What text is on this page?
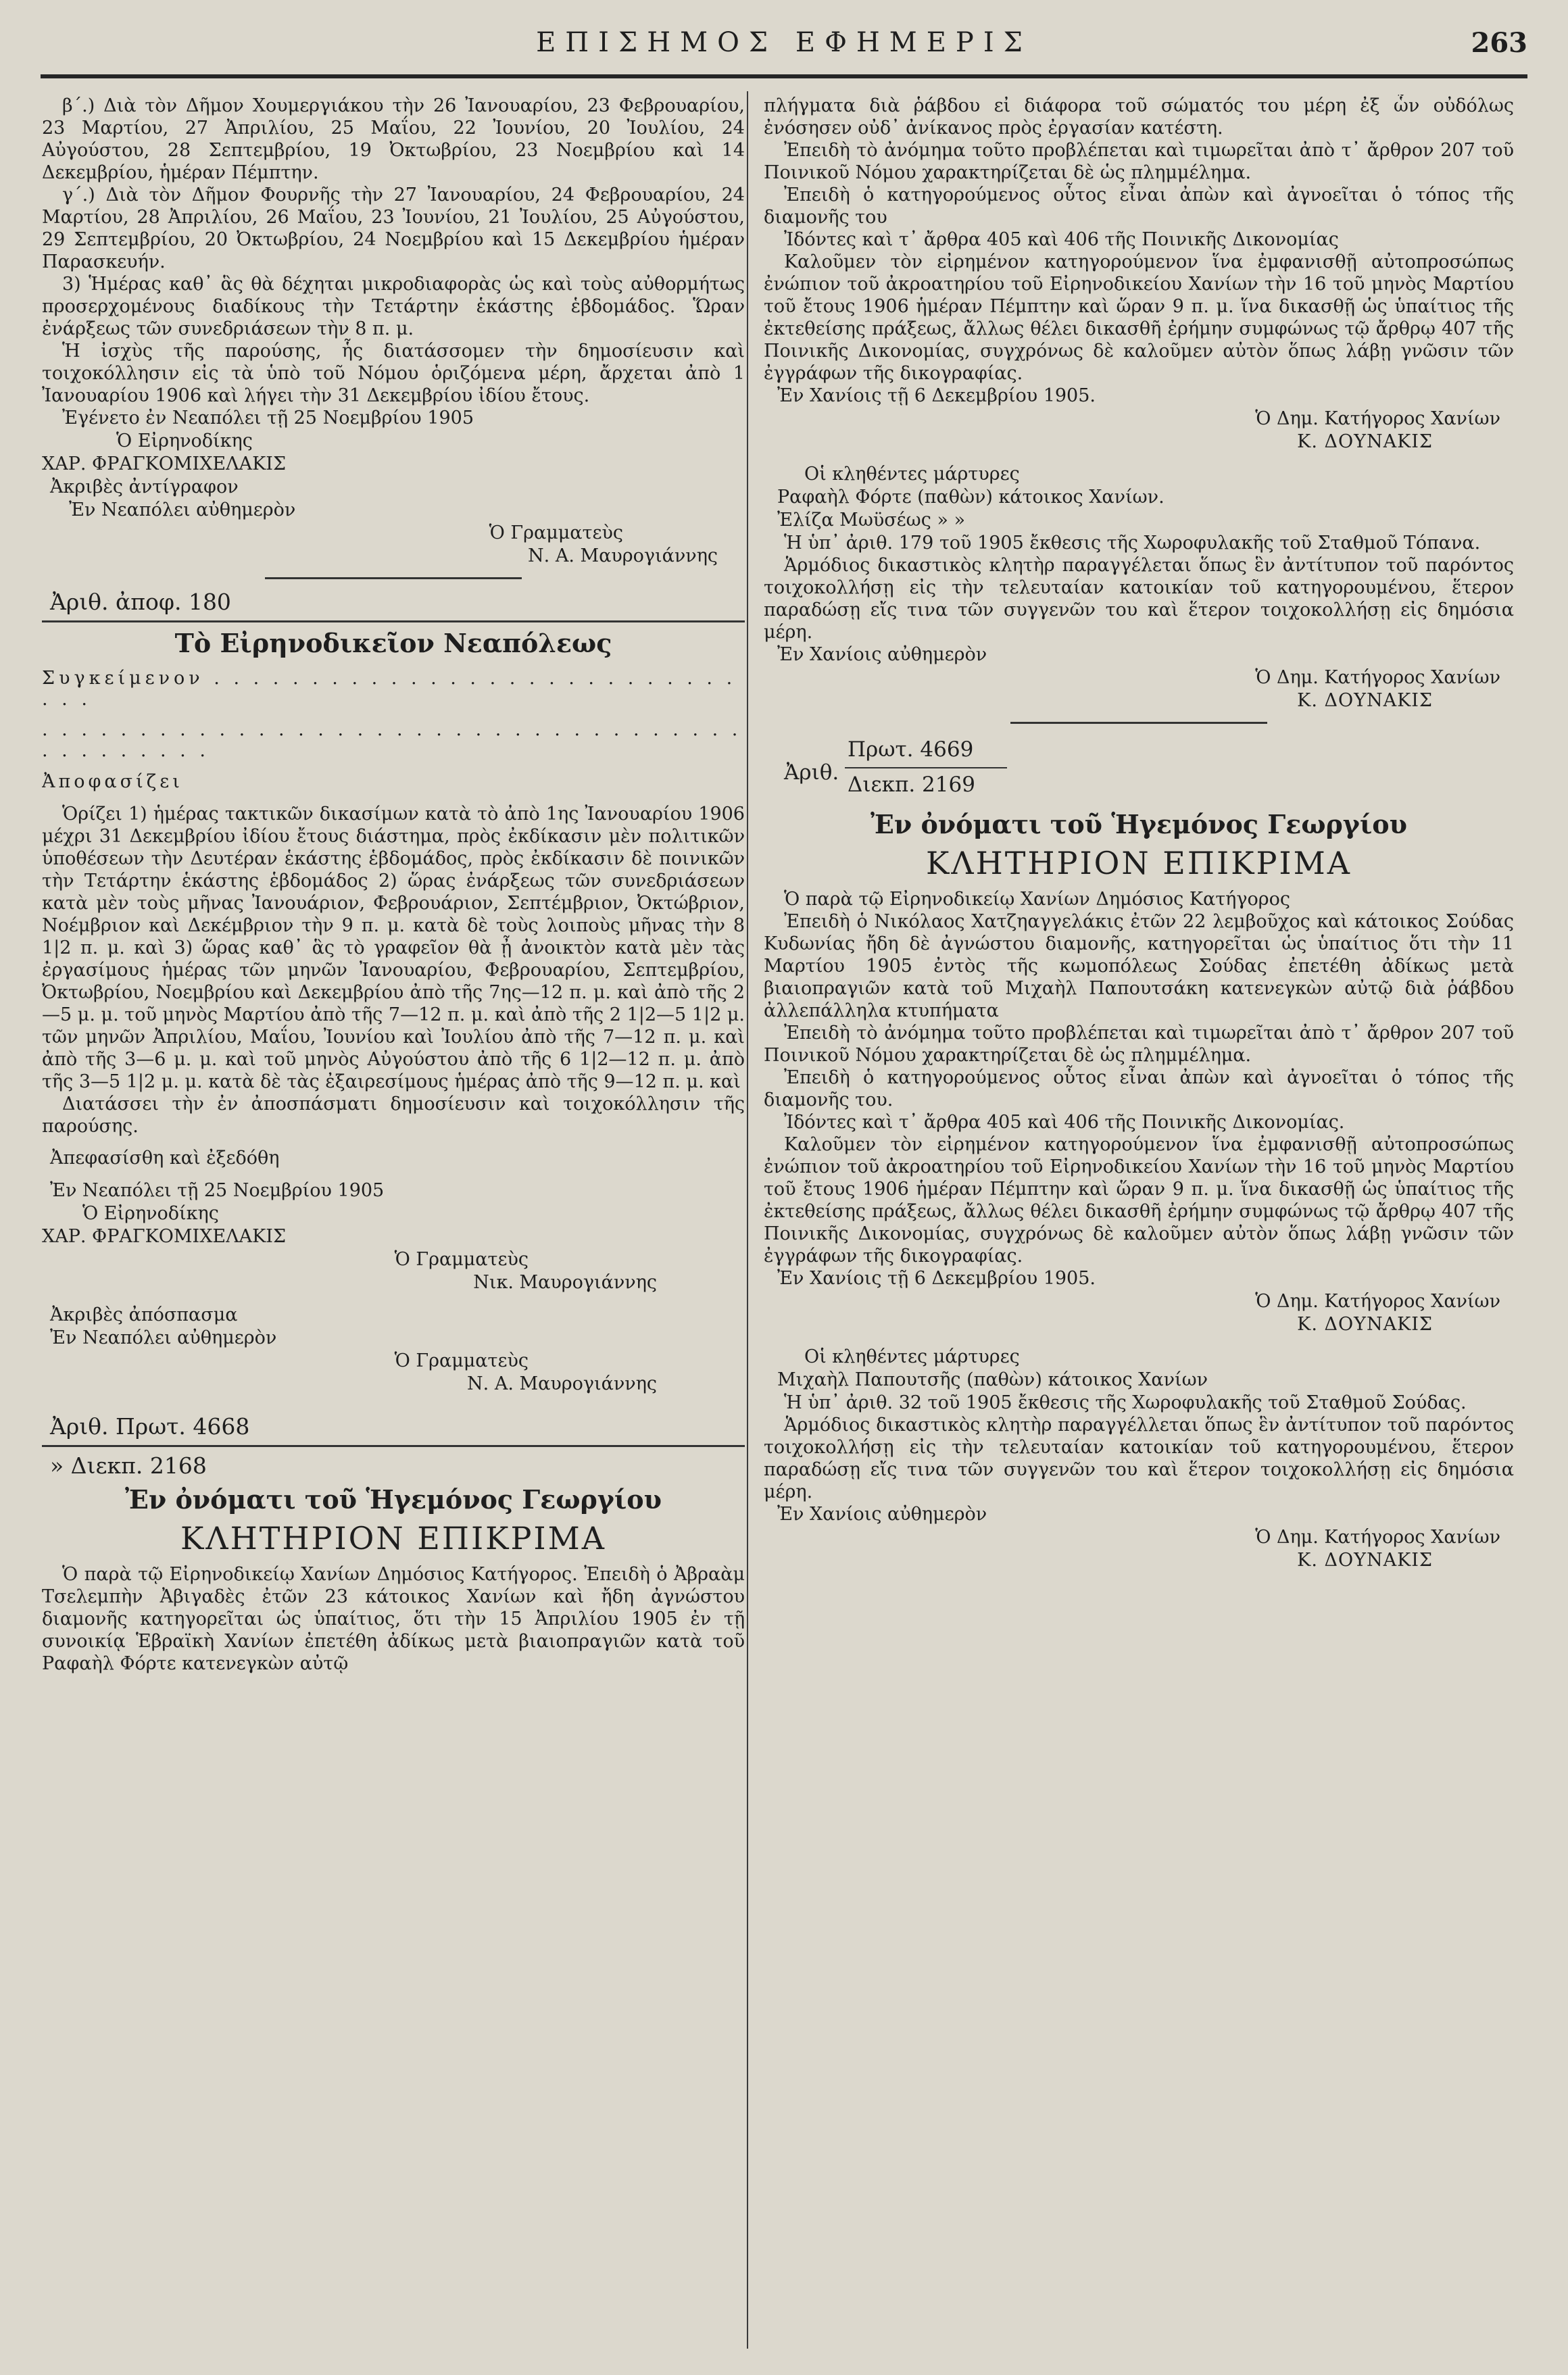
ΕΠΙΣΗΜΟΣ ΕΦΗΜΕΡΙΣ	263

β΄.) Διὰ τὸν Δῆμον Χουμεργιάκου τὴν 26 Ἰανουαρίου, 23 Φεβρουαρίου, 23 Μαρτίου, 27 Ἀπριλίου, 25 Μαΐου, 22 Ἰουνίου, 20 Ἰουλίου, 24 Αὐγούστου, 28 Σεπτεμβρίου, 19 Ὀκτωβρίου, 23 Νοεμβρίου καὶ 14 Δεκεμβρίου, ἡμέραν Πέμπτην.

γ΄.) Διὰ τὸν Δῆμον Φουρνῆς τὴν 27 Ἰανουαρίου, 24 Φεβρουαρίου, 24 Μαρτίου, 28 Ἀπριλίου, 26 Μαΐου, 23 Ἰουνίου, 21 Ἰουλίου, 25 Αὐγούστου, 29 Σεπτεμβρίου, 20 Ὀκτωβρίου, 24 Νοεμβρίου καὶ 15 Δεκεμβρίου ἡμέραν Παρασκευήν.

3) Ἡμέρας καθ᾽ ἃς θὰ δέχηται μικροδιαφορὰς ὡς καὶ τοὺς αὐθορμήτως προσερχομένους διαδίκους τὴν Τετάρτην ἑκάστης ἑβδομάδος. Ὥραν ἐνάρξεως τῶν συνεδριάσεων τὴν 8 π. μ.

Ἡ ἰσχὺς τῆς παρούσης, ἧς διατάσσομεν τὴν δημοσίευσιν καὶ τοιχοκόλλησιν εἰς τὰ ὑπὸ τοῦ Νόμου ὁριζόμενα μέρη, ἄρχεται ἀπὸ 1 Ἰανουαρίου 1906 καὶ λήγει τὴν 31 Δεκεμβρίου ἰδίου ἔτους.

Ἐγένετο ἐν Νεαπόλει τῇ 25 Νοεμβρίου 1905

Ὁ Εἰρηνοδίκης
ΧΑΡ. ΦΡΑΓΚΟΜΙΧΕΛΑΚΙΣ
Ἀκριβὲς ἀντίγραφον
Ἐν Νεαπόλει αὐθημερὸν
Ὁ Γραμματεὺς
Ν. Α. Μαυρογιάννης
Ἀριθ. ἀποφ. 180
Τὸ Εἰρηνοδικεῖον Νεαπόλεως
Συγκείμενον . . . . . . . . . . . . . . . . . . . . . . . . . . . . . .
. . . . . . . . . . . . . . . . . . . . . . . . . . . . . . . . . . . . . . . . . . . . .
Ἀποφασίζει

Ὁρίζει 1) ἡμέρας τακτικῶν δικασίμων κατὰ τὸ ἀπὸ 1ης Ἰανουαρίου 1906 μέχρι 31 Δεκεμβρίου ἰδίου ἔτους διάστημα, πρὸς ἐκδίκασιν μὲν πολιτικῶν ὑποθέσεων τὴν Δευτέραν ἑκάστης ἑβδομάδος, πρὸς ἐκδίκασιν δὲ ποινικῶν τὴν Τετάρτην ἑκάστης ἑβδομάδος 2) ὥρας ἐνάρξεως τῶν συνεδριάσεων κατὰ μὲν τοὺς μῆνας Ἰανουάριον, Φεβρουάριον, Σεπτέμβριον, Ὀκτώβριον, Νοέμβριον καὶ Δεκέμβριον τὴν 9 π. μ. κατὰ δὲ τοὺς λοιποὺς μῆνας τὴν 8 1|2 π. μ. καὶ 3) ὥρας καθ᾽ ἃς τὸ γραφεῖον θὰ ᾖ ἀνοικτὸν κατὰ μὲν τὰς ἐργασίμους ἡμέρας τῶν μηνῶν Ἰανουαρίου, Φεβρουαρίου, Σεπτεμβρίου, Ὀκτωβρίου, Νοεμβρίου καὶ Δεκεμβρίου ἀπὸ τῆς 7ης—12 π. μ. καὶ ἀπὸ τῆς 2—5 μ. μ. τοῦ μηνὸς Μαρτίου ἀπὸ τῆς 7—12 π. μ. καὶ ἀπὸ τῆς 2 1|2—5 1|2 μ. τῶν μηνῶν Ἀπριλίου, Μαΐου, Ἰουνίου καὶ Ἰουλίου ἀπὸ τῆς 7—12 π. μ. καὶ ἀπὸ τῆς 3—6 μ. μ. καὶ τοῦ μηνὸς Αὐγούστου ἀπὸ τῆς 6 1|2—12 π. μ. ἀπὸ τῆς 3—5 1|2 μ. μ. κατὰ δὲ τὰς ἐξαιρεσίμους ἡμέρας ἀπὸ τῆς 9—12 π. μ. καὶ

Διατάσσει τὴν ἐν ἀποσπάσματι δημοσίευσιν καὶ τοιχοκόλλησιν τῆς παρούσης.

Ἀπεφασίσθη καὶ ἐξεδόθη
Ἐν Νεαπόλει τῇ 25 Νοεμβρίου 1905
Ὁ Εἰρηνοδίκης
ΧΑΡ. ΦΡΑΓΚΟΜΙΧΕΛΑΚΙΣ
Ὁ Γραμματεὺς
Νικ. Μαυρογιάννης
Ἀκριβὲς ἀπόσπασμα
Ἐν Νεαπόλει αὐθημερὸν
Ὁ Γραμματεὺς
Ν. Α. Μαυρογιάννης
Ἀριθ. Πρωτ. 4668
» Διεκπ. 2168
Ἐν ὀνόματι τοῦ Ἡγεμόνος Γεωργίου
ΚΛΗΤΗΡΙΟΝ ΕΠΙΚΡΙΜΑ

Ὁ παρὰ τῷ Εἰρηνοδικείῳ Χανίων Δημόσιος Κατήγορος. Ἐπειδὴ ὁ Ἀβραὰμ Τσελεμπὴν Ἀβιγαδὲς ἐτῶν 23 κάτοικος Χανίων καὶ ἤδη ἀγνώστου διαμονῆς κατηγορεῖται ὡς ὑπαίτιος, ὅτι τὴν 15 Ἀπριλίου 1905 ἐν τῇ συνοικίᾳ Ἑβραϊκὴ Χανίων ἐπετέθη ἀδίκως μετὰ βιαιοπραγιῶν κατὰ τοῦ Ραφαὴλ Φόρτε κατενεγκὼν αὐτῷ

πλήγματα διὰ ῥάβδου εἰ διάφορα τοῦ σώματός του μέρη ἐξ ὧν οὐδόλως ἐνόσησεν οὐδ᾽ ἀνίκανος πρὸς ἐργασίαν κατέστη.

Ἐπειδὴ τὸ ἀνόμημα τοῦτο προβλέπεται καὶ τιμωρεῖται ἀπὸ τ᾽ ἄρθρον 207 τοῦ Ποινικοῦ Νόμου χαρακτηρίζεται δὲ ὡς πλημμέλημα.

Ἐπειδὴ ὁ κατηγορούμενος οὗτος εἶναι ἀπὼν καὶ ἀγνοεῖται ὁ τόπος τῆς διαμονῆς του

Ἰδόντες καὶ τ᾽ ἄρθρα 405 καὶ 406 τῆς Ποινικῆς Δικονομίας

Καλοῦμεν τὸν εἰρημένον κατηγορούμενον ἵνα ἐμφανισθῇ αὐτοπροσώπως ἐνώπιον τοῦ ἀκροατηρίου τοῦ Εἰρηνοδικείου Χανίων τὴν 16 τοῦ μηνὸς Μαρτίου τοῦ ἔτους 1906 ἡμέραν Πέμπτην καὶ ὥραν 9 π. μ. ἵνα δικασθῇ ὡς ὑπαίτιος τῆς ἐκτεθείσης πράξεως, ἄλλως θέλει δικασθῆ ἐρήμην συμφώνως τῷ ἄρθρῳ 407 τῆς Ποινικῆς Δικονομίας, συγχρόνως δὲ καλοῦμεν αὐτὸν ὅπως λάβῃ γνῶσιν τῶν ἐγγράφων τῆς δικογραφίας.

Ἐν Χανίοις τῇ 6 Δεκεμβρίου 1905.
Ὁ Δημ. Κατήγορος Χανίων
Κ. ΔΟΥΝΑΚΙΣ
Οἱ κληθέντες μάρτυρες
Ραφαὴλ Φόρτε (παθὼν) κάτοικος Χανίων.
Ἐλίζα Μωϋσέως » »

Ἡ ὑπ᾽ ἀριθ. 179 τοῦ 1905 ἔκθεσις τῆς Χωροφυλακῆς τοῦ Σταθμοῦ Τόπανα.

Ἁρμόδιος δικαστικὸς κλητὴρ παραγγέλεται ὅπως ἓν ἀντίτυπον τοῦ παρόντος τοιχοκολλήσῃ εἰς τὴν τελευταίαν κατοικίαν τοῦ κατηγορουμένου, ἕτερον παραδώσῃ εἴς τινα τῶν συγγενῶν του καὶ ἕτερον τοιχοκολλήσῃ εἰς δημόσια μέρη.

Ἐν Χανίοις αὐθημερὸν
Ὁ Δημ. Κατήγορος Χανίων
Κ. ΔΟΥΝΑΚΙΣ
Ἀριθ.
Πρωτ. 4669
Διεκπ. 2169
Ἐν ὀνόματι τοῦ Ἡγεμόνος Γεωργίου
ΚΛΗΤΗΡΙΟΝ ΕΠΙΚΡΙΜΑ

Ὁ παρὰ τῷ Εἰρηνοδικείῳ Χανίων Δημόσιος Κατήγορος

Ἐπειδὴ ὁ Νικόλαος Χατζηαγγελάκις ἐτῶν 22 λεμβοῦχος καὶ κάτοικος Σούδας Κυδωνίας ἤδη δὲ ἀγνώστου διαμονῆς, κατηγορεῖται ὡς ὑπαίτιος ὅτι τὴν 11 Μαρτίου 1905 ἐντὸς τῆς κωμοπόλεως Σούδας ἐπετέθη ἀδίκως μετὰ βιαιοπραγιῶν κατὰ τοῦ Μιχαὴλ Παπουτσάκη κατενεγκὼν αὐτῷ διὰ ῥάβδου ἀλλεπάλληλα κτυπήματα

Ἐπειδὴ τὸ ἀνόμημα τοῦτο προβλέπεται καὶ τιμωρεῖται ἀπὸ τ᾽ ἄρθρον 207 τοῦ Ποινικοῦ Νόμου χαρακτηρίζεται δὲ ὡς πλημμέλημα.

Ἐπειδὴ ὁ κατηγορούμενος οὗτος εἶναι ἀπὼν καὶ ἀγνοεῖται ὁ τόπος τῆς διαμονῆς του.

Ἰδόντες καὶ τ᾽ ἄρθρα 405 καὶ 406 τῆς Ποινικῆς Δικονομίας.

Καλοῦμεν τὸν εἰρημένον κατηγορούμενον ἵνα ἐμφανισθῇ αὐτοπροσώπως ἐνώπιον τοῦ ἀκροατηρίου τοῦ Εἰρηνοδικείου Χανίων τὴν 16 τοῦ μηνὸς Μαρτίου τοῦ ἔτους 1906 ἡμέραν Πέμπτην καὶ ὥραν 9 π. μ. ἵνα δικασθῇ ὡς ὑπαίτιος τῆς ἐκτεθείσης πράξεως, ἄλλως θέλει δικασθῆ ἐρήμην συμφώνως τῷ ἄρθρῳ 407 τῆς Ποινικῆς Δικονομίας, συγχρόνως δὲ καλοῦμεν αὐτὸν ὅπως λάβῃ γνῶσιν τῶν ἐγγράφων τῆς δικογραφίας.

Ἐν Χανίοις τῇ 6 Δεκεμβρίου 1905.
Ὁ Δημ. Κατήγορος Χανίων
Κ. ΔΟΥΝΑΚΙΣ
Οἱ κληθέντες μάρτυρες
Μιχαὴλ Παπουτσῆς (παθὼν) κάτοικος Χανίων

Ἡ ὑπ᾽ ἀριθ. 32 τοῦ 1905 ἔκθεσις τῆς Χωροφυλακῆς τοῦ Σταθμοῦ Σούδας.

Ἁρμόδιος δικαστικὸς κλητὴρ παραγγέλλεται ὅπως ἓν ἀντίτυπον τοῦ παρόντος τοιχοκολλήσῃ εἰς τὴν τελευταίαν κατοικίαν τοῦ κατηγορουμένου, ἕτερον παραδώσῃ εἴς τινα τῶν συγγενῶν του καὶ ἕτερον τοιχοκολλήσῃ εἰς δημόσια μέρη.

Ἐν Χανίοις αὐθημερὸν
Ὁ Δημ. Κατήγορος Χανίων
Κ. ΔΟΥΝΑΚΙΣ
